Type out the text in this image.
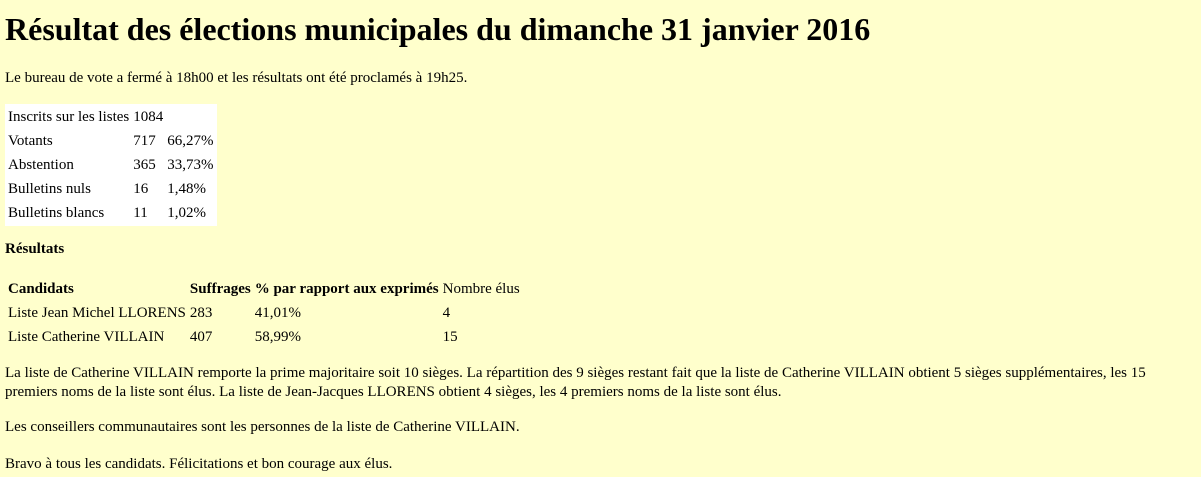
Résultat des élections municipales du dimanche 31 janvier 2016

Le bureau de vote a fermé à 18h00 et les résultats ont été proclamés à 19h25.

Inscrits sur les listes	1084	
Votants	717	66,27%
Abstention	365	33,73%
Bulletins nuls	16	1,48%
Bulletins blancs	11	1,02%

Résultats

Candidats	Suffrages	% par rapport aux exprimés	Nombre élus
Liste Jean Michel LLORENS	283	41,01%	4
Liste Catherine VILLAIN	407	58,99%	15

La liste de Catherine VILLAIN remporte la prime majoritaire soit 10 sièges. La répartition des 9 sièges restant fait que la liste de Catherine VILLAIN obtient 5 sièges supplémentaires, les 15 premiers noms de la liste sont élus. La liste de Jean-Jacques LLORENS obtient 4 sièges, les 4 premiers noms de la liste sont élus.

Les conseillers communautaires sont les personnes de la liste de Catherine VILLAIN.

Bravo à tous les candidats. Félicitations et bon courage aux élus.
